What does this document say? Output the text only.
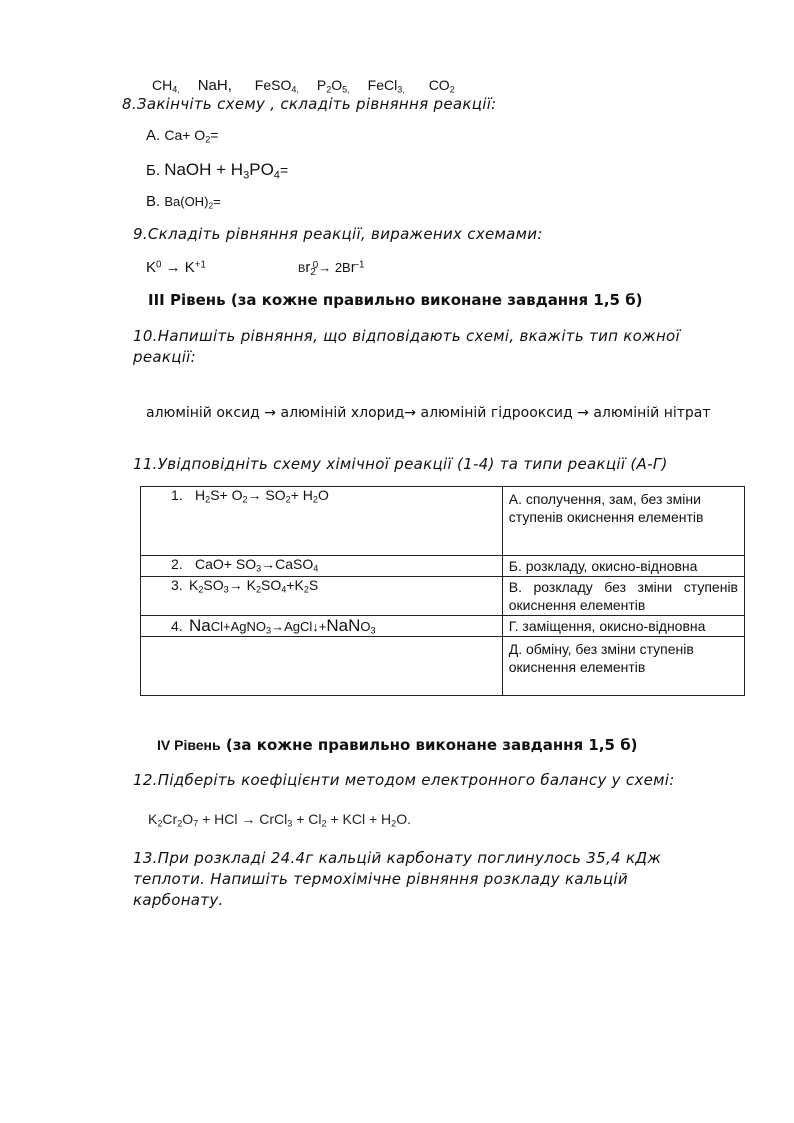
$CH_{4,}$ NaH, FeSO$_{4,}$ $P_2O_{5,}$ FeCl$_{3,}$ $CO_2$
8.Закінчіть схему , складіть рівняння реакції:
А. $Ca+ O_2=$
Б. NaOH + $H_3PO_4=$
В. $Ba(OH)_2=$
9.Складіть рівняння реакції, виражених схемами:
$K^0 \to K^{+1}$	$Br_2^0\to 2Br^{-1}$
III Рівень (за кожне правильно виконане завдання 1,5 б)
10.Напишіть рівняння, що відповідають схемі, вкажіть тип кожної реакції:
алюміній оксид → алюміній хлорид→ алюміній гідрооксид → алюміній нітрат
11.Увідповідніть схему хімічної реакції (1-4) та типи реакції (А-Г)
1. $H_2S+ O_2\to SO_2+ H_2O$	А. сполучення, зам, без зміни ступенів окиснення елементів
2. $CaO+ SO_3\to CaSO_4$	Б. розкладу, окисно-відновна
3. $K_2SO_3\to K_2SO_4+K_2S$	В. розкладу без зміни ступенів окиснення елементів
4. NaCl+AgNO$_3$→AgCl↓+NaNO$_3$	Г. заміщення, окисно-відновна
	Д. обміну, без зміни ступенів окиснення елементів
IV Рівень (за кожне правильно виконане завдання 1,5 б)
12.Підберіть коефіцієнти методом електронного балансу у схемі:
$K_2Cr_2O_7$ + HCl → CrCl$_3$ + $Cl_2$ + KCl + $H_2O$.
13.При розкладі 24.4г кальцій карбонату поглинулось 35,4 кДж
теплоти. Напишіть термохімічне рівняння розкладу кальцій
карбонату.
